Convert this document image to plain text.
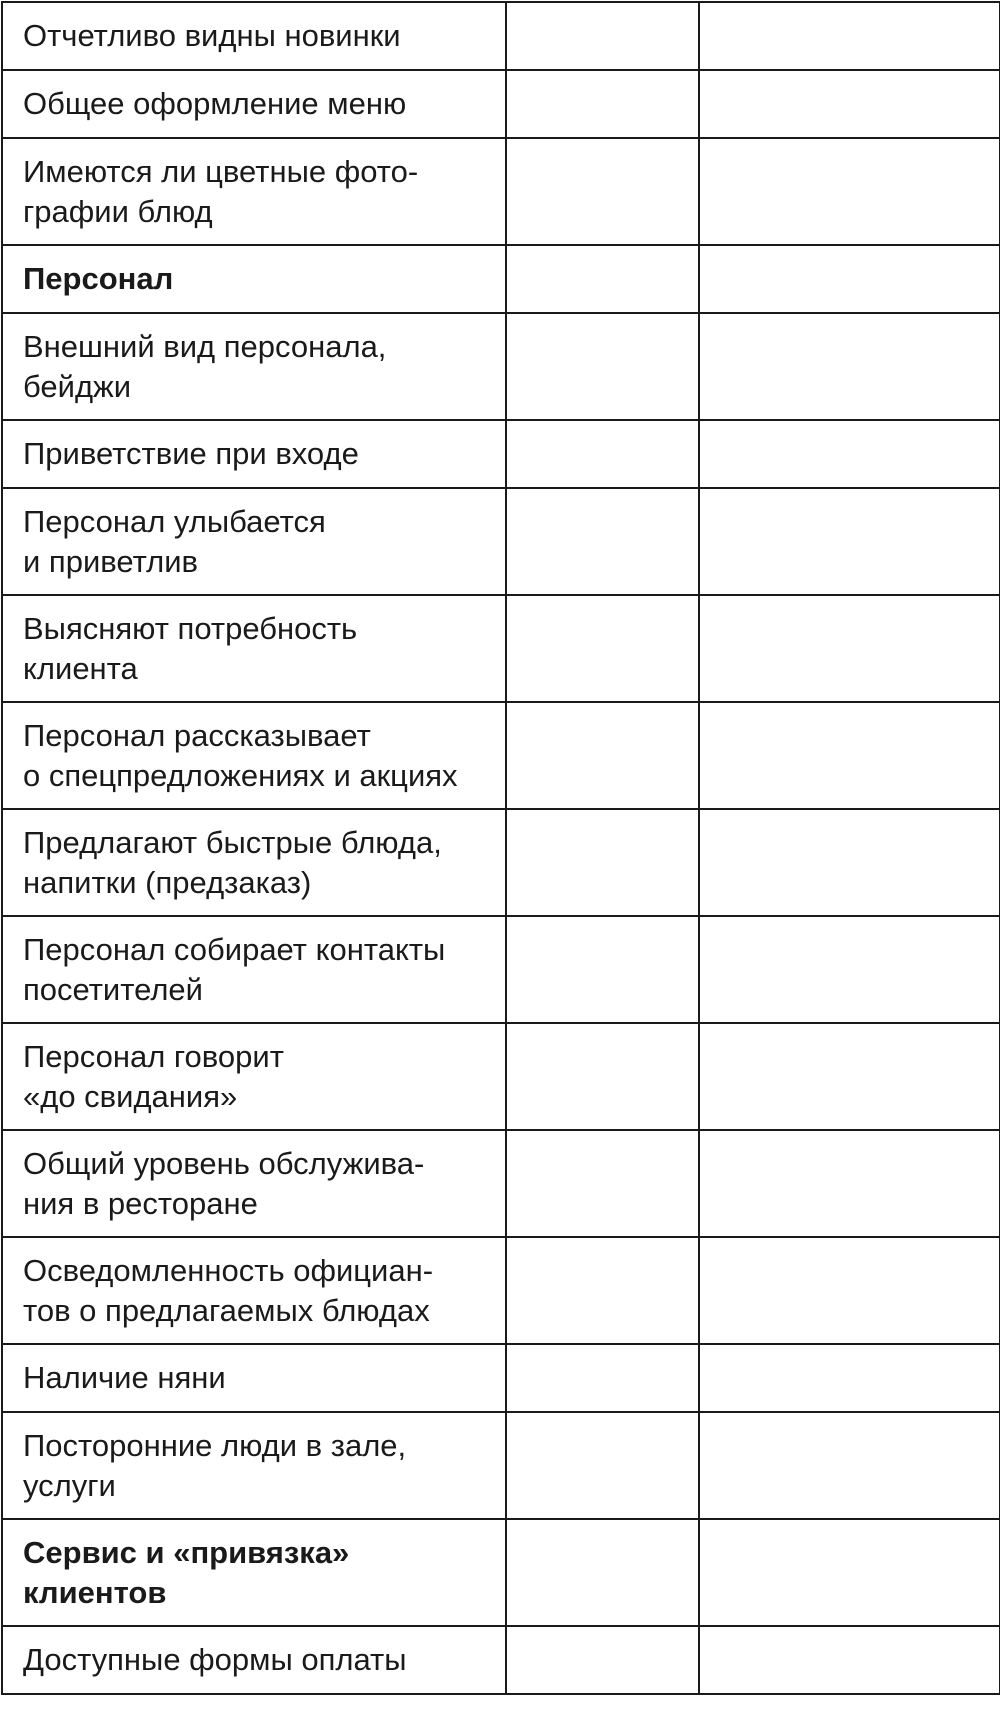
Отчетливо видны новинки		

Общее оформление меню		

Имеются ли цветные фото-
графии блюд		

Персонал		

Внешний вид персонала,
бейджи		

Приветствие при входе		

Персонал улыбается
и приветлив		

Выясняют потребность
клиента		

Персонал рассказывает
о спецпредложениях и акциях		

Предлагают быстрые блюда,
напитки (предзаказ)		

Персонал собирает контакты
посетителей		

Персонал говорит
«до свидания»		

Общий уровень обслужива-
ния в ресторане		

Осведомленность официан-
тов о предлагаемых блюдах		

Наличие няни		

Посторонние люди в зале,
услуги		

Сервис и «привязка»
клиентов		

Доступные формы оплаты		
